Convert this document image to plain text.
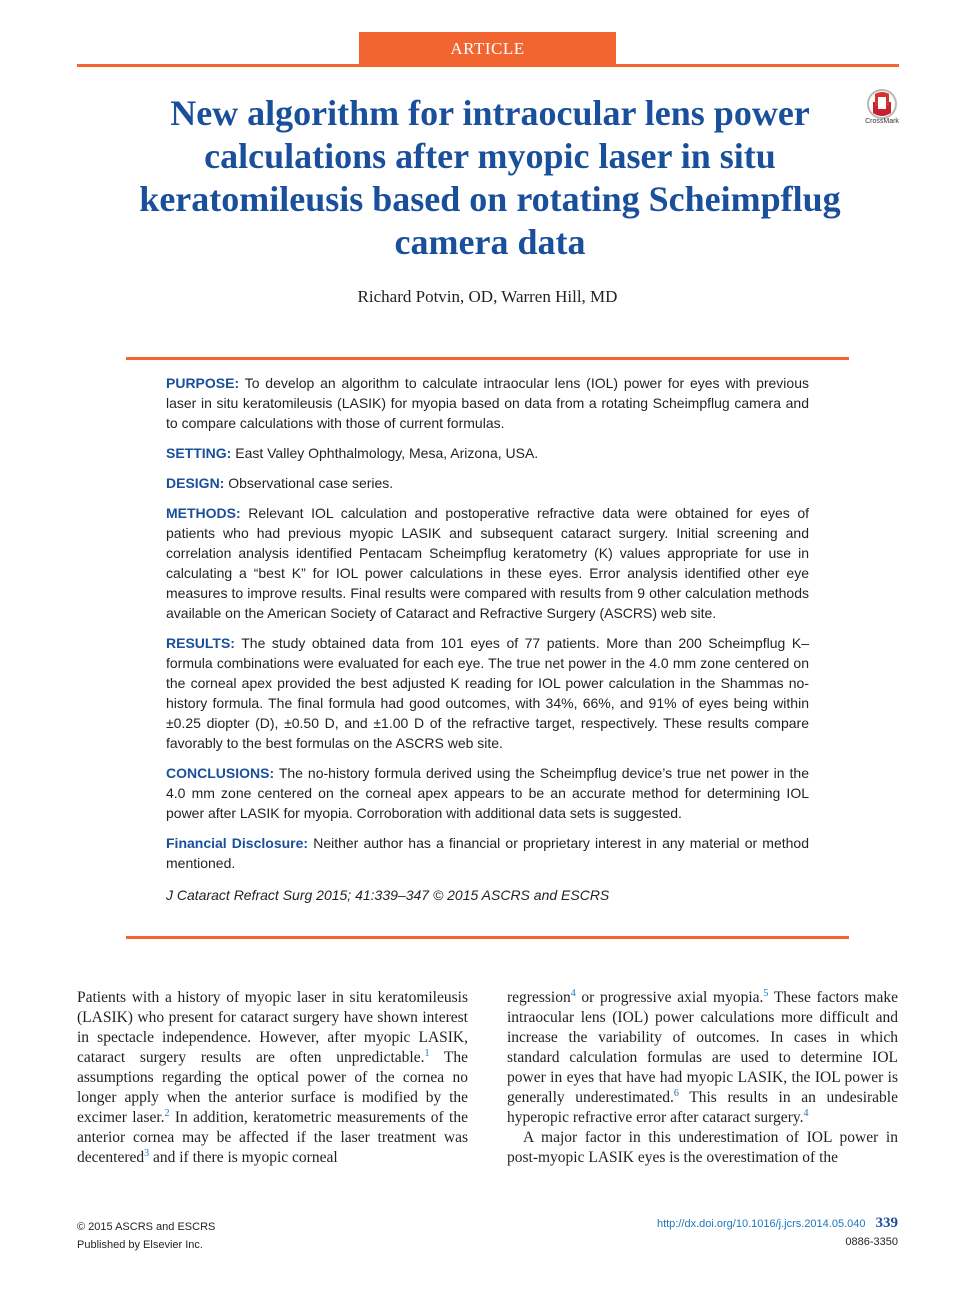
ARTICLE
New algorithm for intraocular lens power calculations after myopic laser in situ keratomileusis based on rotating Scheimpflug camera data
CrossMark
Richard Potvin, OD, Warren Hill, MD

PURPOSE: To develop an algorithm to calculate intraocular lens (IOL) power for eyes with previous laser in situ keratomileusis (LASIK) for myopia based on data from a rotating Scheimpflug camera and to compare calculations with those of current formulas.

SETTING: East Valley Ophthalmology, Mesa, Arizona, USA.

DESIGN: Observational case series.

METHODS: Relevant IOL calculation and postoperative refractive data were obtained for eyes of patients who had previous myopic LASIK and subsequent cataract surgery. Initial screening and correlation analysis identified Pentacam Scheimpflug keratometry (K) values appropriate for use in calculating a “best K” for IOL power calculations in these eyes. Error analysis identified other eye measures to improve results. Final results were compared with results from 9 other calculation methods available on the American Society of Cataract and Refractive Surgery (ASCRS) web site.

RESULTS: The study obtained data from 101 eyes of 77 patients. More than 200 Scheimpflug K–formula combinations were evaluated for each eye. The true net power in the 4.0 mm zone centered on the corneal apex provided the best adjusted K reading for IOL power calculation in the Shammas no-history formula. The final formula had good outcomes, with 34%, 66%, and 91% of eyes being within ±0.25 diopter (D), ±0.50 D, and ±1.00 D of the refractive target, respectively. These results compare favorably to the best formulas on the ASCRS web site.

CONCLUSIONS: The no-history formula derived using the Scheimpflug device’s true net power in the 4.0 mm zone centered on the corneal apex appears to be an accurate method for determining IOL power after LASIK for myopia. Corroboration with additional data sets is suggested.

Financial Disclosure: Neither author has a financial or proprietary interest in any material or method mentioned.

J Cataract Refract Surg 2015; 41:339–347 © 2015 ASCRS and ESCRS

Patients with a history of myopic laser in situ keratomileusis (LASIK) who present for cataract surgery have shown interest in spectacle independence. However, after myopic LASIK, cataract surgery results are often unpredictable.$^1$ The assumptions regarding the optical power of the cornea no longer apply when the anterior surface is modified by the excimer laser.$^2$ In addition, keratometric measurements of the anterior cornea may be affected if the laser treatment was decentered$^3$ and if there is myopic corneal

regression$^4$ or progressive axial myopia.$^5$ These factors make intraocular lens (IOL) power calculations more difficult and increase the variability of outcomes. In cases in which standard calculation formulas are used to determine IOL power in eyes that have had myopic LASIK, the IOL power is generally underestimated.$^6$ This results in an undesirable hyperopic refractive error after cataract surgery.$^4$

A major factor in this underestimation of IOL power in post-myopic LASIK eyes is the overestimation of the

© 2015 ASCRS and ESCRS
Published by Elsevier Inc.
http://dx.doi.org/10.1016/j.jcrs.2014.05.040 339
0886-3350
